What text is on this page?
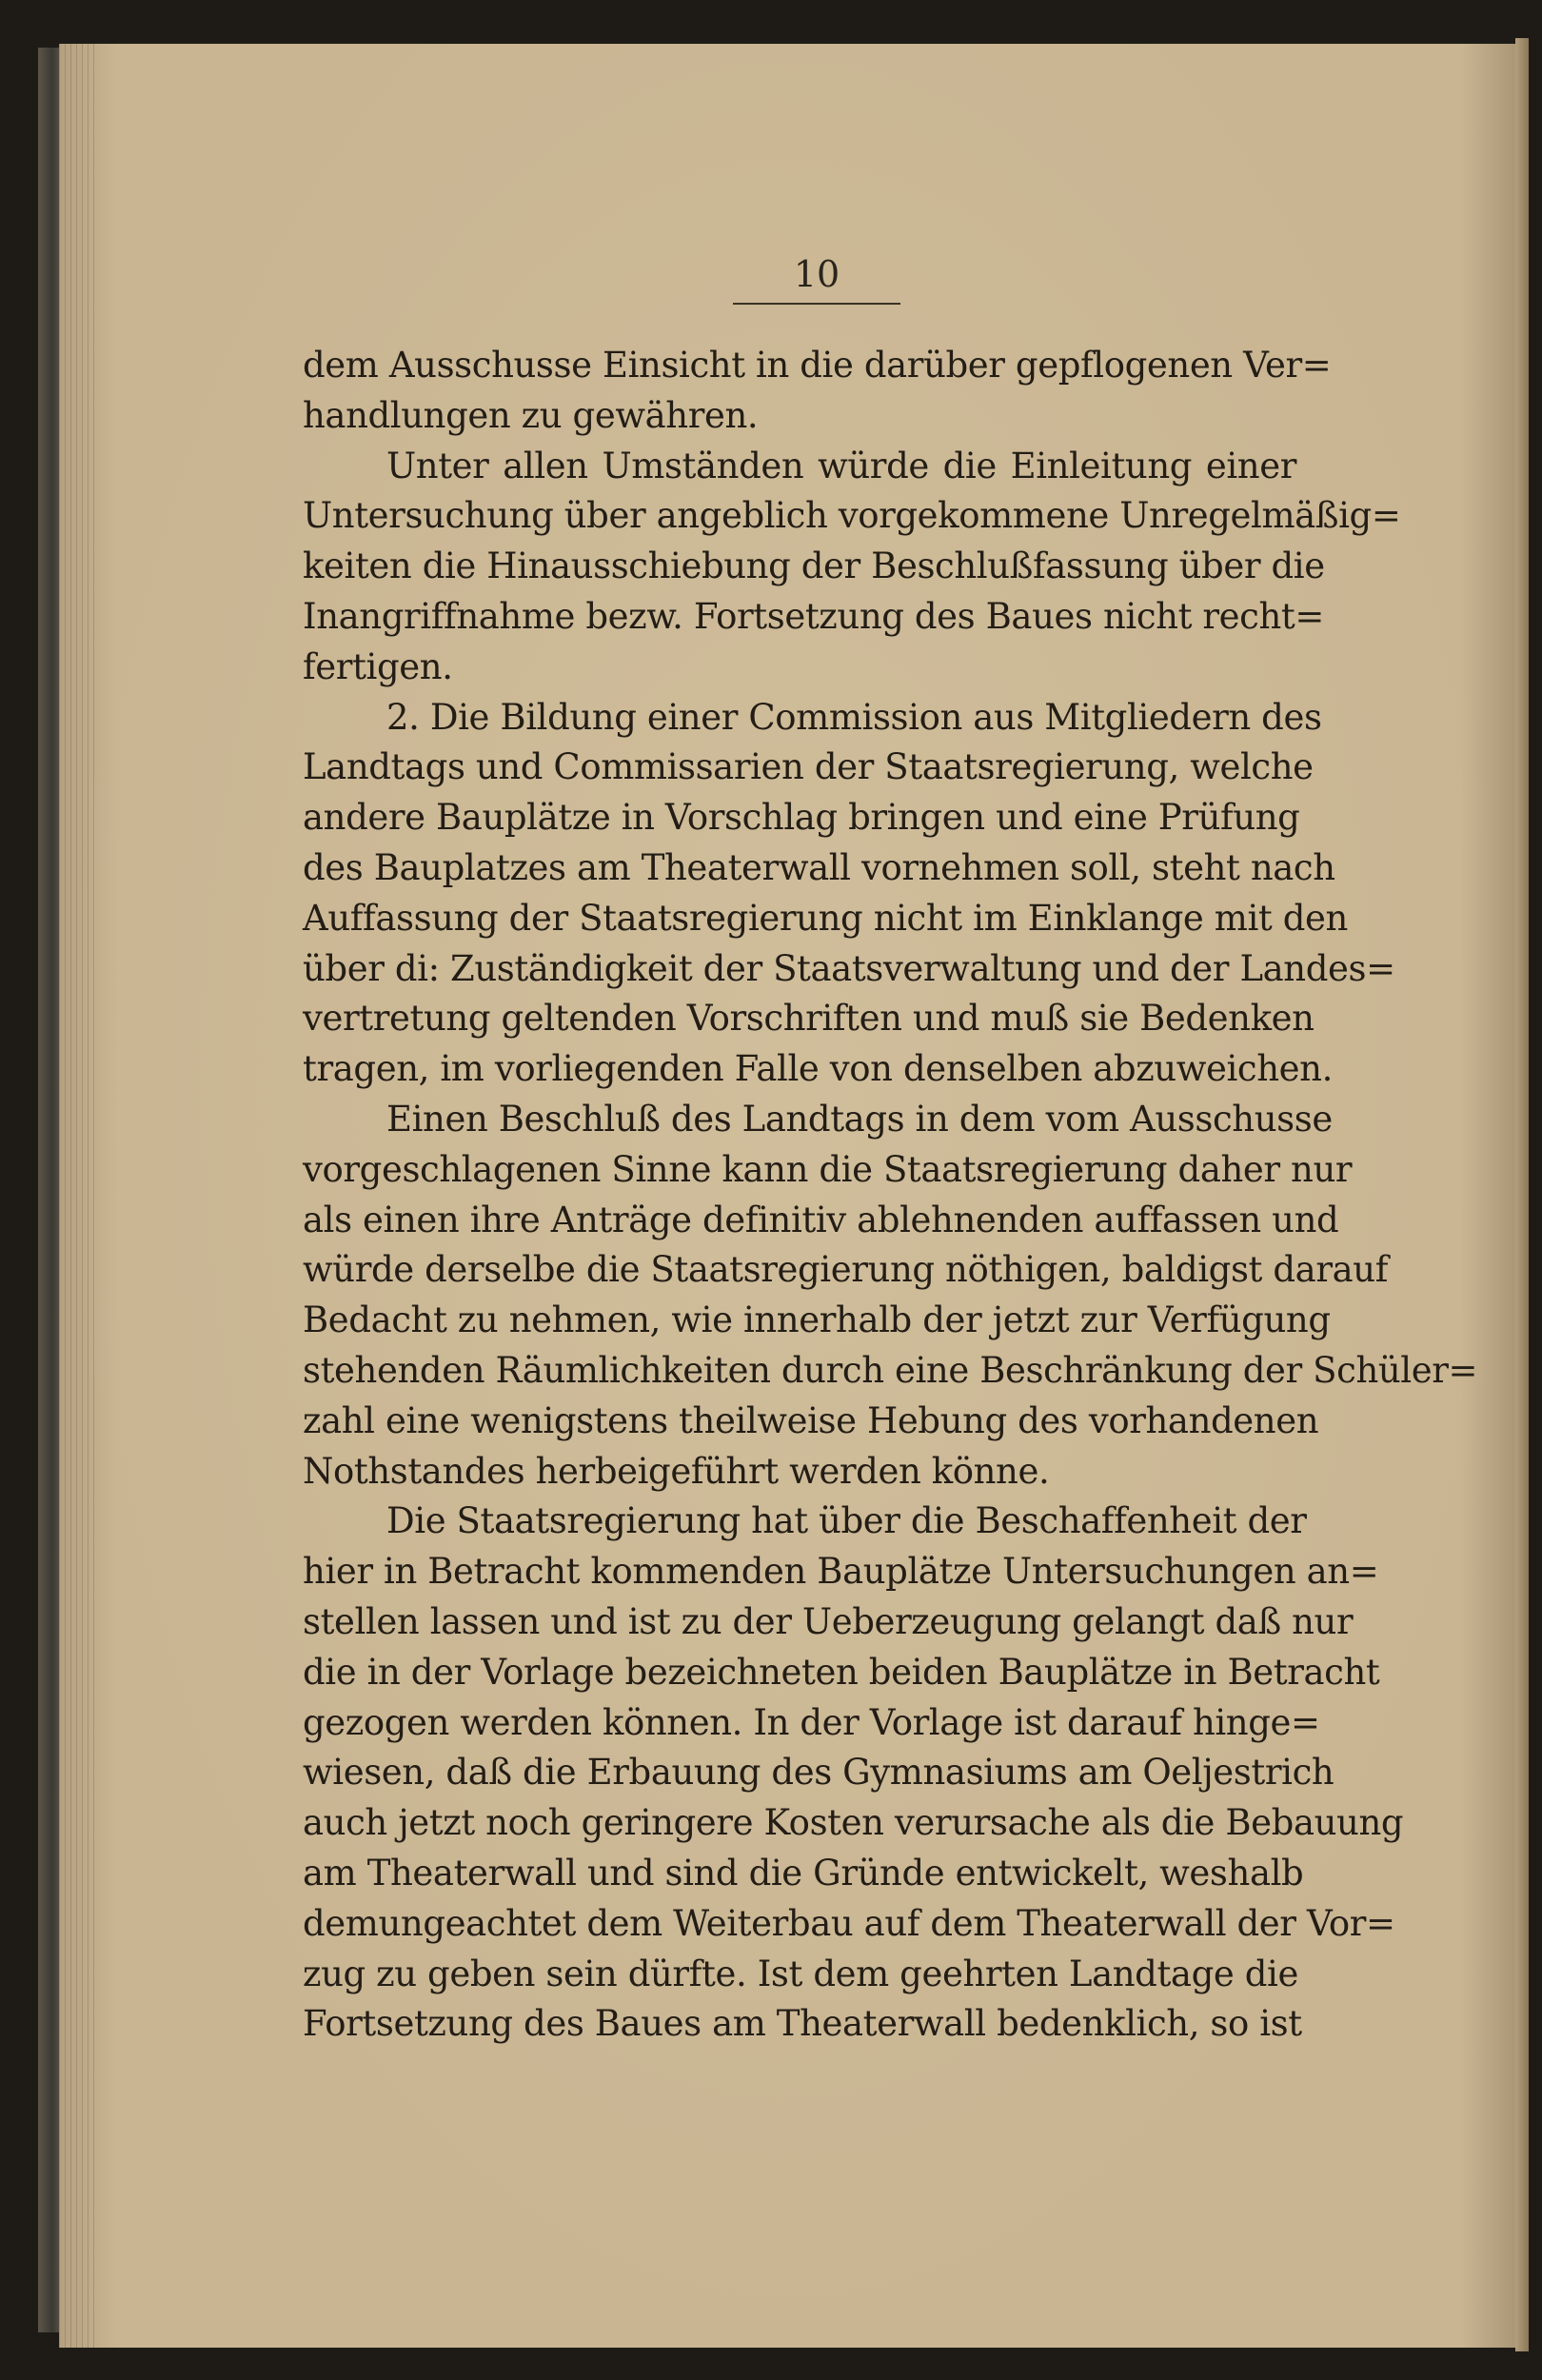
10
dem Ausschusse Einsicht in die darüber gepflogenen Ver=
handlungen zu gewähren.
Unter allen Umständen würde die Einleitung einer
Untersuchung über angeblich vorgekommene Unregelmäßig=
keiten die Hinausschiebung der Beschlußfassung über die
Inangriffnahme bezw. Fortsetzung des Baues nicht recht=
fertigen.
2. Die Bildung einer Commission aus Mitgliedern des
Landtags und Commissarien der Staatsregierung, welche
andere Bauplätze in Vorschlag bringen und eine Prüfung
des Bauplatzes am Theaterwall vornehmen soll, steht nach
Auffassung der Staatsregierung nicht im Einklange mit den
über di: Zuständigkeit der Staatsverwaltung und der Landes=
vertretung geltenden Vorschriften und muß sie Bedenken
tragen, im vorliegenden Falle von denselben abzuweichen.
Einen Beschluß des Landtags in dem vom Ausschusse
vorgeschlagenen Sinne kann die Staatsregierung daher nur
als einen ihre Anträge definitiv ablehnenden auffassen und
würde derselbe die Staatsregierung nöthigen, baldigst darauf
Bedacht zu nehmen, wie innerhalb der jetzt zur Verfügung
stehenden Räumlichkeiten durch eine Beschränkung der Schüler=
zahl eine wenigstens theilweise Hebung des vorhandenen
Nothstandes herbeigeführt werden könne.
Die Staatsregierung hat über die Beschaffenheit der
hier in Betracht kommenden Bauplätze Untersuchungen an=
stellen lassen und ist zu der Ueberzeugung gelangt daß nur
die in der Vorlage bezeichneten beiden Bauplätze in Betracht
gezogen werden können. In der Vorlage ist darauf hinge=
wiesen, daß die Erbauung des Gymnasiums am Oeljestrich
auch jetzt noch geringere Kosten verursache als die Bebauung
am Theaterwall und sind die Gründe entwickelt, weshalb
demungeachtet dem Weiterbau auf dem Theaterwall der Vor=
zug zu geben sein dürfte. Ist dem geehrten Landtage die
Fortsetzung des Baues am Theaterwall bedenklich, so ist
